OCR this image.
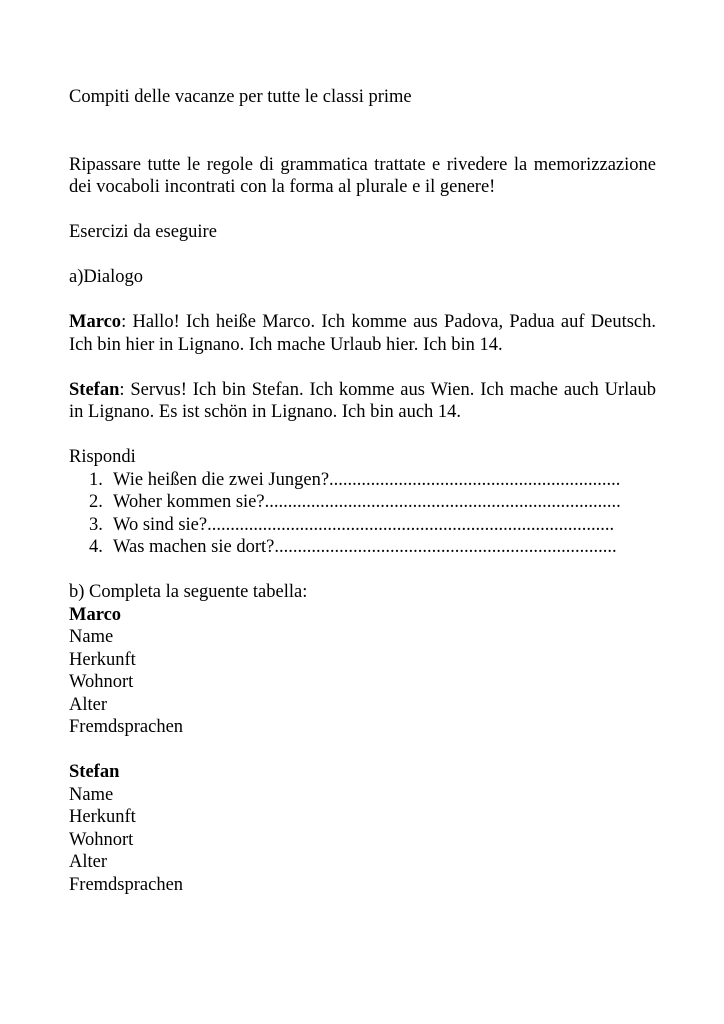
Compiti delle vacanze per tutte le classi prime
Ripassare tutte le regole di grammatica trattate e rivedere la memorizzazione dei vocaboli incontrati con la forma al plurale e il genere!
Esercizi da eseguire
a)Dialogo
Marco: Hallo! Ich heiße Marco. Ich komme aus Padova, Padua auf Deutsch. Ich bin hier in Lignano. Ich mache Urlaub hier. Ich bin 14.
Stefan: Servus! Ich bin Stefan. Ich komme aus Wien. Ich mache auch Urlaub in Lignano. Es ist schön in Lignano. Ich bin auch 14.
Rispondi
1. Wie heißen die zwei Jungen?...............................................................
2. Woher kommen sie?.............................................................................
3. Wo sind sie?........................................................................................
4. Was machen sie dort?..........................................................................
b) Completa la seguente tabella:
Marco
Name
Herkunft
Wohnort
Alter
Fremdsprachen
Stefan
Name
Herkunft
Wohnort
Alter
Fremdsprachen
